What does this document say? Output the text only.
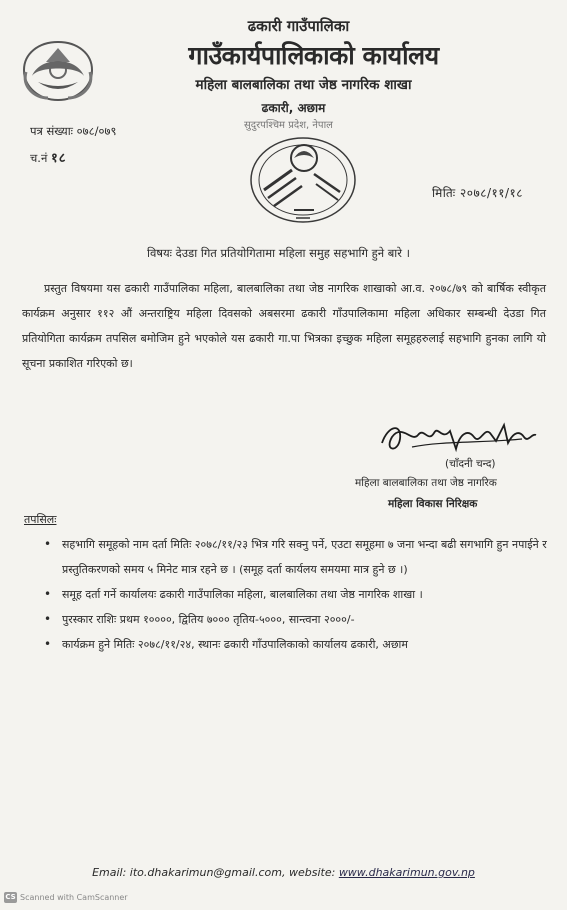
ढकारी गाउँपालिका
गाउँकार्यपालिकाको कार्यालय
महिला बालबालिका तथा जेष्ठ नागरिक शाखा
ढकारी, अछाम
सुदुरपश्चिम प्रदेश, नेपाल
पत्र संख्याः ०७८/०७९
च.नं १८
मितिः २०७८/११/१८
विषयः देउडा गित प्रतियोगितामा महिला समुह सहभागि हुने बारे ।
प्रस्तुत विषयमा यस ढकारी गाउँपालिका महिला, बालबालिका तथा जेष्ठ नागरिक शाखाको आ.व. २०७८/७९ को बार्षिक स्वीकृत कार्यक्रम अनुसार ११२ औं अन्तराष्ट्रिय महिला दिवसको अबसरमा ढकारी गाँउपालिकामा महिला अधिकार सम्बन्धी देउडा गित प्रतियोगिता कार्यक्रम तपसिल बमोजिम हुने भएकोले यस ढकारी गा.पा भित्रका इच्छुक महिला समूहहरुलाई सहभागि हुनका लागि यो सूचना प्रकाशित गरिएको छ।
(चाँदनी चन्द)
महिला बालबालिका तथा जेष्ठ नागरिक
महिला विकास निरिक्षक
तपसिलः
• सहभागि समूहको नाम दर्ता मितिः २०७८/११/२३ भित्र गरि सक्नु पर्ने, एउटा समूहमा ७ जना भन्दा बढी सगभागि हुन नपाईने र प्रस्तुतिकरणको समय ५ मिनेट मात्र रहने छ । (समूह दर्ता कार्यलय समयमा मात्र हुने छ ।)
• समूह दर्ता गर्ने कार्यालयः ढकारी गाउँपालिका महिला, बालबालिका तथा जेष्ठ नागरिक शाखा ।
• पुरस्कार राशिः प्रथम १००००, द्वितिय ७००० तृतिय-५०००, सान्त्वना २०००/-
• कार्यक्रम हुने मितिः २०७८/११/२४, स्थानः ढकारी गाँउपालिकाको कार्यालय ढकारी, अछाम
Email: ito.dhakarimun@gmail.com, website: www.dhakarimun.gov.np
CS Scanned with CamScanner
